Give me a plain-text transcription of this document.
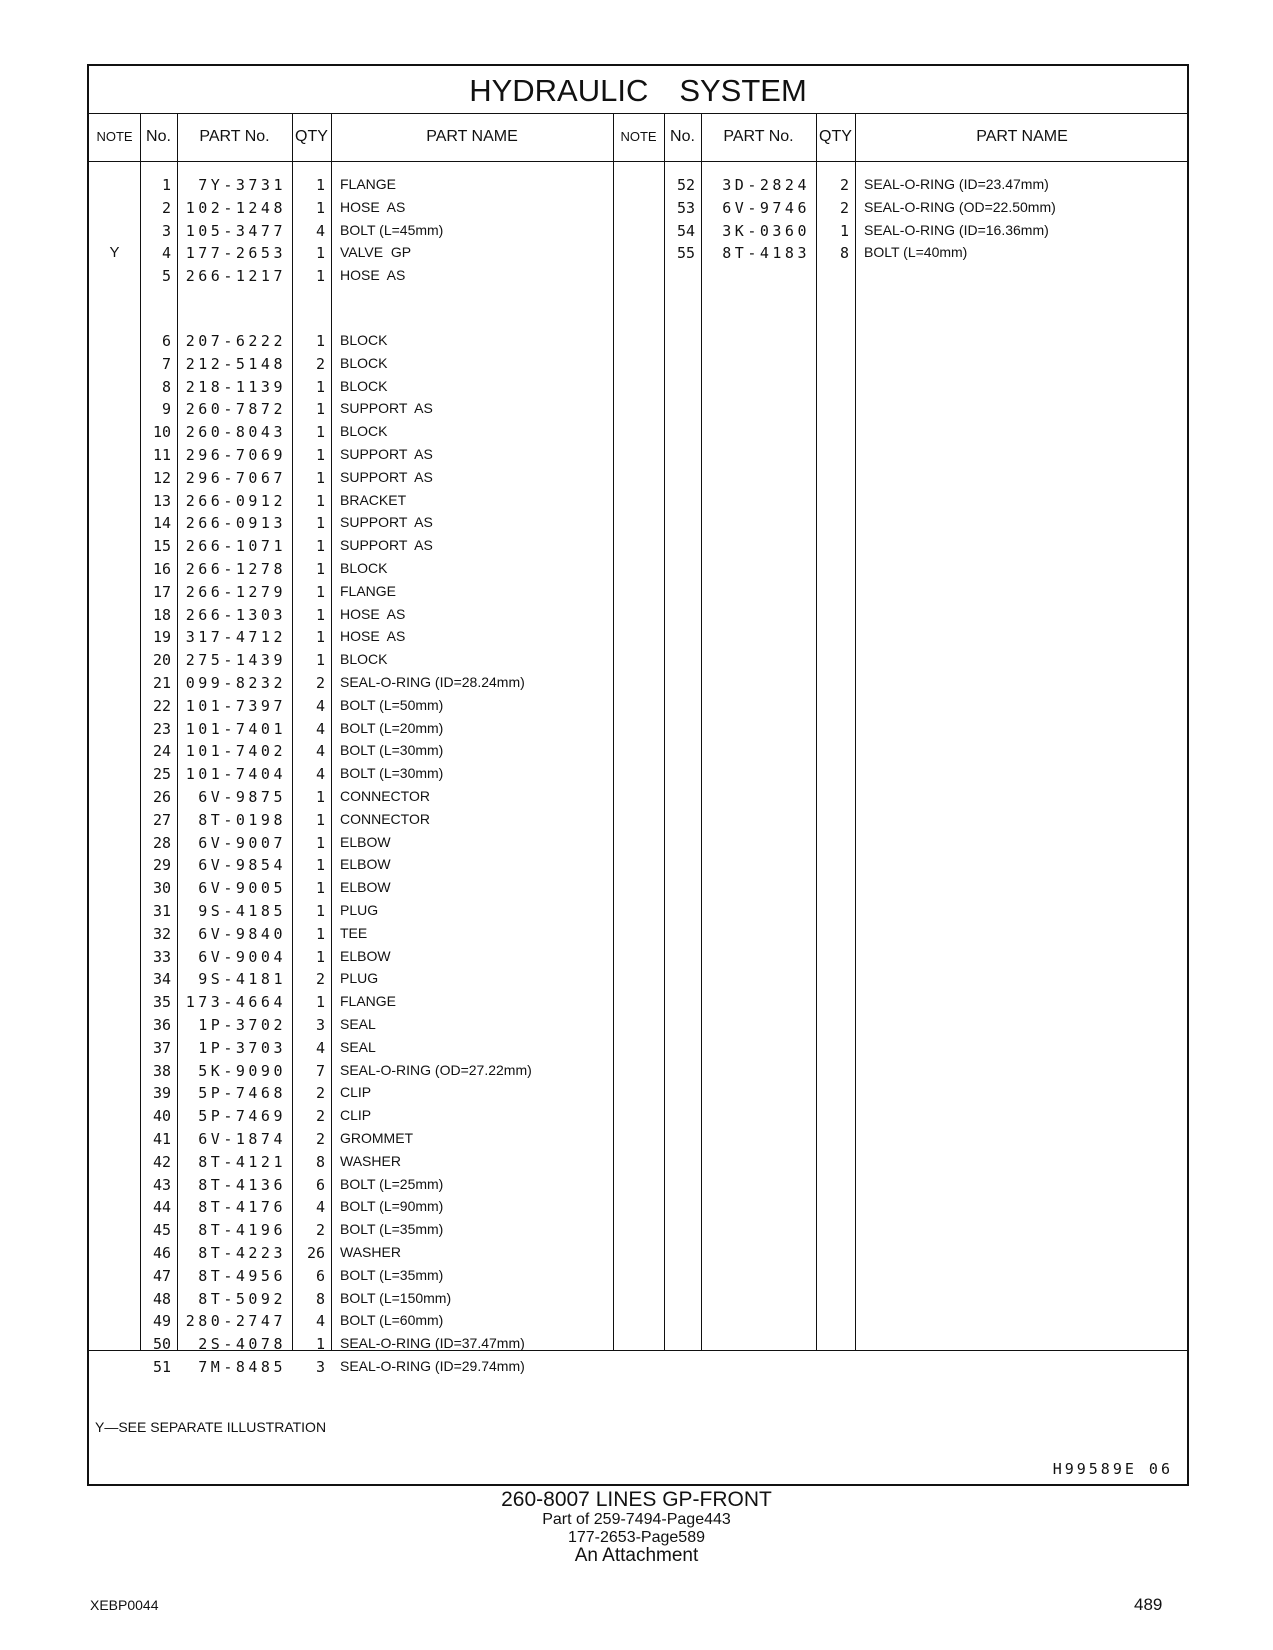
HYDRAULIC　SYSTEM
NOTE No.	PART No.	QTY	PART NAME	NOTE No.	PART No.	QTY	PART NAME
1	7Y-3731	1 FLANGE
2 102-1248	1 HOSE  AS
3 105-3477	4 BOLT (L=45mm)
Y	4 177-2653	1 VALVE  GP
5 266-1217	1 HOSE  AS
6 207-6222	1 BLOCK
7 212-5148	2 BLOCK
8 218-1139	1 BLOCK
9 260-7872	1 SUPPORT  AS
10 260-8043	1 BLOCK
11 296-7069	1 SUPPORT  AS
12 296-7067	1 SUPPORT  AS
13 266-0912	1 BRACKET
14 266-0913	1 SUPPORT  AS
15 266-1071	1 SUPPORT  AS
16 266-1278	1 BLOCK
17 266-1279	1 FLANGE
18 266-1303	1 HOSE  AS
19 317-4712	1 HOSE  AS
20 275-1439	1 BLOCK
21 099-8232	2 SEAL-O-RING (ID=28.24mm)
22 101-7397	4 BOLT (L=50mm)
23 101-7401	4 BOLT (L=20mm)
24 101-7402	4 BOLT (L=30mm)
25 101-7404	4 BOLT (L=30mm)
26	6V-9875	1 CONNECTOR
27	8T-0198	1 CONNECTOR
28	6V-9007	1 ELBOW
29	6V-9854	1 ELBOW
30	6V-9005	1 ELBOW
31	9S-4185	1 PLUG
32	6V-9840	1 TEE
33	6V-9004	1 ELBOW
34	9S-4181	2 PLUG
35 173-4664	1 FLANGE
36	1P-3702	3 SEAL
37	1P-3703	4 SEAL
38	5K-9090	7 SEAL-O-RING (OD=27.22mm)
39	5P-7468	2 CLIP
40	5P-7469	2 CLIP
41	6V-1874	2 GROMMET
42	8T-4121	8 WASHER
43	8T-4136	6 BOLT (L=25mm)
44	8T-4176	4 BOLT (L=90mm)
45	8T-4196	2 BOLT (L=35mm)
46	8T-4223	26 WASHER
47	8T-4956	6 BOLT (L=35mm)
48	8T-5092	8 BOLT (L=150mm)
49 280-2747	4 BOLT (L=60mm)
50	2S-4078	1 SEAL-O-RING (ID=37.47mm)
51	7M-8485	3 SEAL-O-RING (ID=29.74mm)
52	3D-2824	2 SEAL-O-RING (ID=23.47mm)
53	6V-9746	2 SEAL-O-RING (OD=22.50mm)
54	3K-0360	1 SEAL-O-RING (ID=16.36mm)
55	8T-4183	8 BOLT (L=40mm)
Y—SEE SEPARATE ILLUSTRATION
H99589E 06
260-8007 LINES GP-FRONT
Part of 259-7494-Page443
177-2653-Page589
An Attachment
XEBP0044	489
